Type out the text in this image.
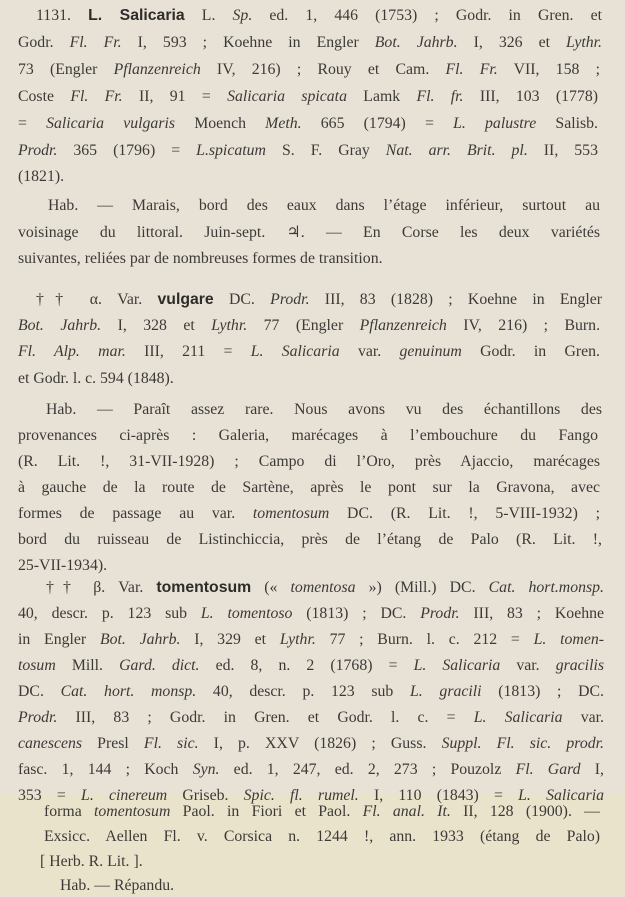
1131. L. Salicaria L. Sp. ed. 1, 446 (1753) ; Godr. in Gren. et
Godr. Fl. Fr. I, 593 ; Koehne in Engler Bot. Jahrb. I, 326 et Lythr.
73 (Engler Pflanzenreich IV, 216) ; Rouy et Cam. Fl. Fr. VII, 158 ;
Coste Fl. Fr. II, 91 = Salicaria spicata Lamk Fl. fr. III, 103 (1778)
= Salicaria vulgaris Moench Meth. 665 (1794) = L. palustre Salisb.
Prodr. 365 (1796) = L.spicatum S. F. Gray Nat. arr. Brit. pl. II, 553
(1821).
Hab. — Marais, bord des eaux dans l’étage inférieur, surtout au
voisinage du littoral. Juin-sept. ♃. — En Corse les deux variétés
suivantes, reliées par de nombreuses formes de transition.
†† α. Var. vulgare DC. Prodr. III, 83 (1828) ; Koehne in Engler
Bot. Jahrb. I, 328 et Lythr. 77 (Engler Pflanzenreich IV, 216) ; Burn.
Fl. Alp. mar. III, 211 = L. Salicaria var. genuinum Godr. in Gren.
et Godr. l. c. 594 (1848).
Hab. — Paraît assez rare. Nous avons vu des échantillons des
provenances ci-après : Galeria, marécages à l’embouchure du Fango
(R. Lit. !, 31-VII-1928) ; Campo di l’Oro, près Ajaccio, marécages
à gauche de la route de Sartène, après le pont sur la Gravona, avec
formes de passage au var. tomentosum DC. (R. Lit. !, 5-VIII-1932) ;
bord du ruisseau de Listinchiccia, près de l’étang de Palo (R. Lit. !,
25-VII-1934).
†† β. Var. tomentosum (« tomentosa ») (Mill.) DC. Cat. hort.monsp.
40, descr. p. 123 sub L. tomentoso (1813) ; DC. Prodr. III, 83 ; Koehne
in Engler Bot. Jahrb. I, 329 et Lythr. 77 ; Burn. l. c. 212 = L. tomen-
tosum Mill. Gard. dict. ed. 8, n. 2 (1768) = L. Salicaria var. gracilis
DC. Cat. hort. monsp. 40, descr. p. 123 sub L. gracili (1813) ; DC.
Prodr. III, 83 ; Godr. in Gren. et Godr. l. c. = L. Salicaria var.
canescens Presl Fl. sic. I, p. XXV (1826) ; Guss. Suppl. Fl. sic. prodr.
fasc. 1, 144 ; Koch Syn. ed. 1, 247, ed. 2, 273 ; Pouzolz Fl. Gard I,
353 = L. cinereum Griseb. Spic. fl. rumel. I, 110 (1843) = L. Salicaria
forma tomentosum Paol. in Fiori et Paol. Fl. anal. It. II, 128 (1900). —
Exsicc. Aellen Fl. v. Corsica n. 1244 !, ann. 1933 (étang de Palo)
[ Herb. R. Lit. ].
Hab. — Répandu.
